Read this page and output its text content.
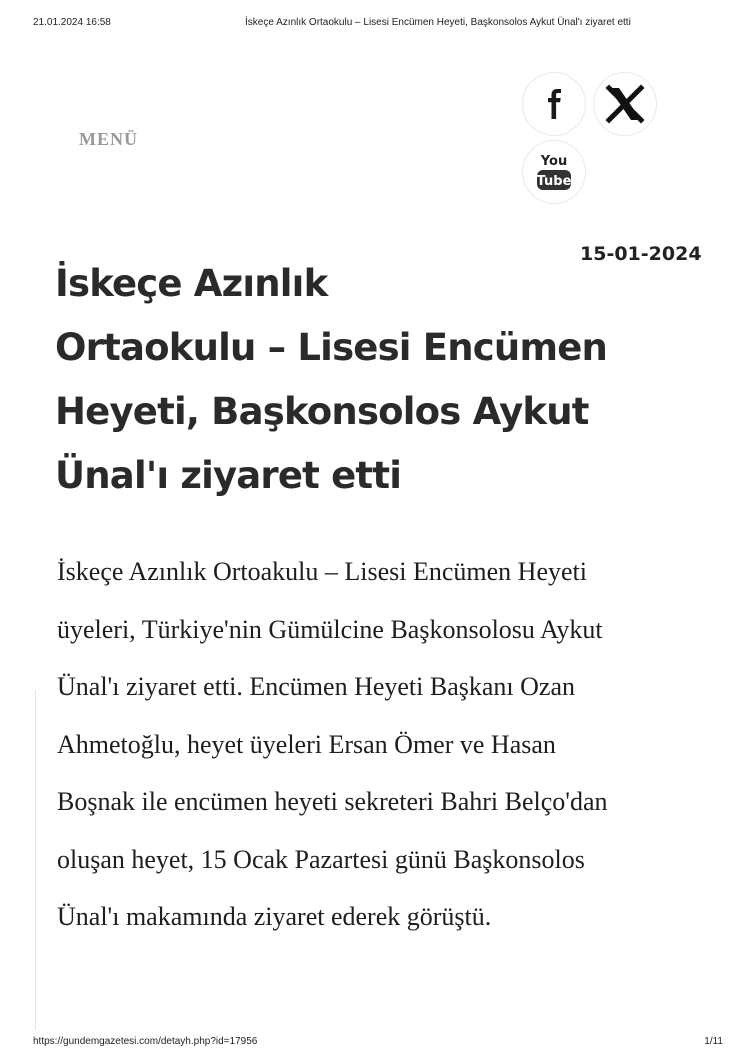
21.01.2024 16:58	İskeçe Azınlık Ortaokulu – Lisesi Encümen Heyeti, Başkonsolos Aykut Ünal'ı ziyaret etti
MENÜ
You
Tube
15-01-2024
İskeçe Azınlık
Ortaokulu – Lisesi Encümen
Heyeti, Başkonsolos Aykut
Ünal'ı ziyaret etti

İskeçe Azınlık Ortoakulu – Lisesi Encümen Heyeti
üyeleri, Türkiye'nin Gümülcine Başkonsolosu Aykut
Ünal'ı ziyaret etti. Encümen Heyeti Başkanı Ozan
Ahmetoğlu, heyet üyeleri Ersan Ömer ve Hasan
Boşnak ile encümen heyeti sekreteri Bahri Belço'dan
oluşan heyet, 15 Ocak Pazartesi günü Başkonsolos
Ünal'ı makamında ziyaret ederek görüştü.

https://gundemgazetesi.com/detayh.php?id=17956	1/11
